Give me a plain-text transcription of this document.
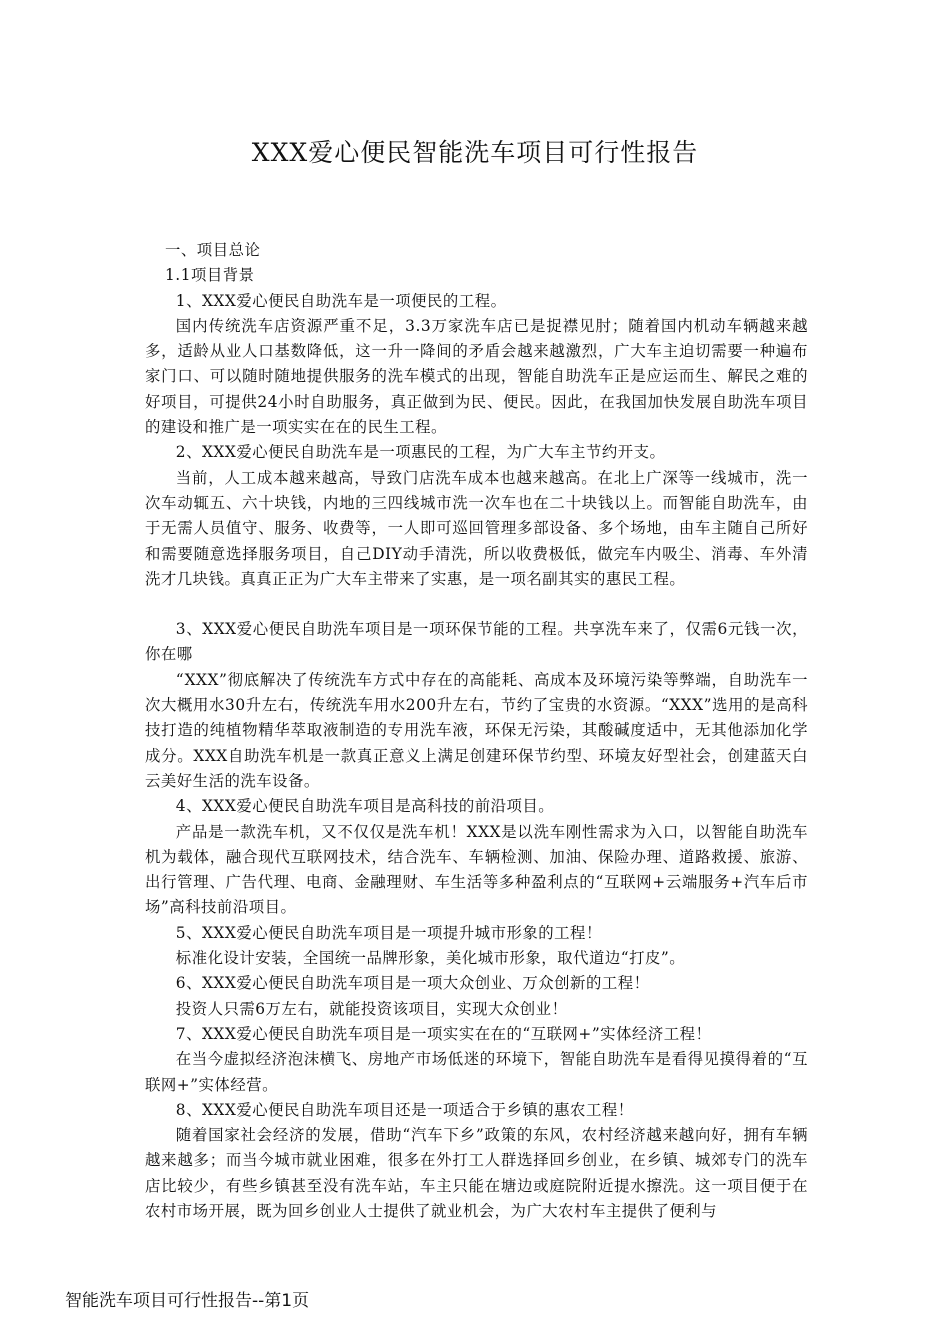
XXX爱心便民智能洗车项目可行性报告

一、项目总论

1.1项目背景

1、XXX爱心便民自助洗车是一项便民的工程。

国内传统洗车店资源严重不足，3.3万家洗车店已是捉襟见肘；随着国内机动车辆越来越多，适龄从业人口基数降低，这一升一降间的矛盾会越来越激烈，广大车主迫切需要一种遍布家门口、可以随时随地提供服务的洗车模式的出现，智能自助洗车正是应运而生、解民之难的好项目，可提供24小时自助服务，真正做到为民、便民。因此，在我国加快发展自助洗车项目的建设和推广是一项实实在在的民生工程。

2、XXX爱心便民自助洗车是一项惠民的工程，为广大车主节约开支。

当前，人工成本越来越高，导致门店洗车成本也越来越高。在北上广深等一线城市，洗一次车动辄五、六十块钱，内地的三四线城市洗一次车也在二十块钱以上。而智能自助洗车，由于无需人员值守、服务、收费等，一人即可巡回管理多部设备、多个场地，由车主随自己所好和需要随意选择服务项目，自己DIY动手清洗，所以收费极低，做完车内吸尘、消毒、车外清洗才几块钱。真真正正为广大车主带来了实惠，是一项名副其实的惠民工程。

3、XXX爱心便民自助洗车项目是一项环保节能的工程。共享洗车来了，仅需6元钱一次，你在哪

“XXX”彻底解决了传统洗车方式中存在的高能耗、高成本及环境污染等弊端，自助洗车一次大概用水30升左右，传统洗车用水200升左右，节约了宝贵的水资源。“XXX”选用的是高科技打造的纯植物精华萃取液制造的专用洗车液，环保无污染，其酸碱度适中，无其他添加化学成分。XXX自助洗车机是一款真正意义上满足创建环保节约型、环境友好型社会，创建蓝天白云美好生活的洗车设备。

4、XXX爱心便民自助洗车项目是高科技的前沿项目。

产品是一款洗车机，又不仅仅是洗车机！XXX是以洗车刚性需求为入口，以智能自助洗车机为载体，融合现代互联网技术，结合洗车、车辆检测、加油、保险办理、道路救援、旅游、出行管理、广告代理、电商、金融理财、车生活等多种盈利点的“互联网+云端服务+汽车后市场”高科技前沿项目。

5、XXX爱心便民自助洗车项目是一项提升城市形象的工程！

标准化设计安装，全国统一品牌形象，美化城市形象，取代道边“打皮”。

6、XXX爱心便民自助洗车项目是一项大众创业、万众创新的工程！

投资人只需6万左右，就能投资该项目，实现大众创业！

7、XXX爱心便民自助洗车项目是一项实实在在的“互联网+”实体经济工程！

在当今虚拟经济泡沫横飞、房地产市场低迷的环境下，智能自助洗车是看得见摸得着的“互联网+”实体经营。

8、XXX爱心便民自助洗车项目还是一项适合于乡镇的惠农工程！

随着国家社会经济的发展，借助“汽车下乡”政策的东风，农村经济越来越向好，拥有车辆越来越多；而当今城市就业困难，很多在外打工人群选择回乡创业，在乡镇、城郊专门的洗车店比较少，有些乡镇甚至没有洗车站，车主只能在塘边或庭院附近提水擦洗。这一项目便于在农村市场开展，既为回乡创业人士提供了就业机会，为广大农村车主提供了便利与

智能洗车项目可行性报告--第1页
